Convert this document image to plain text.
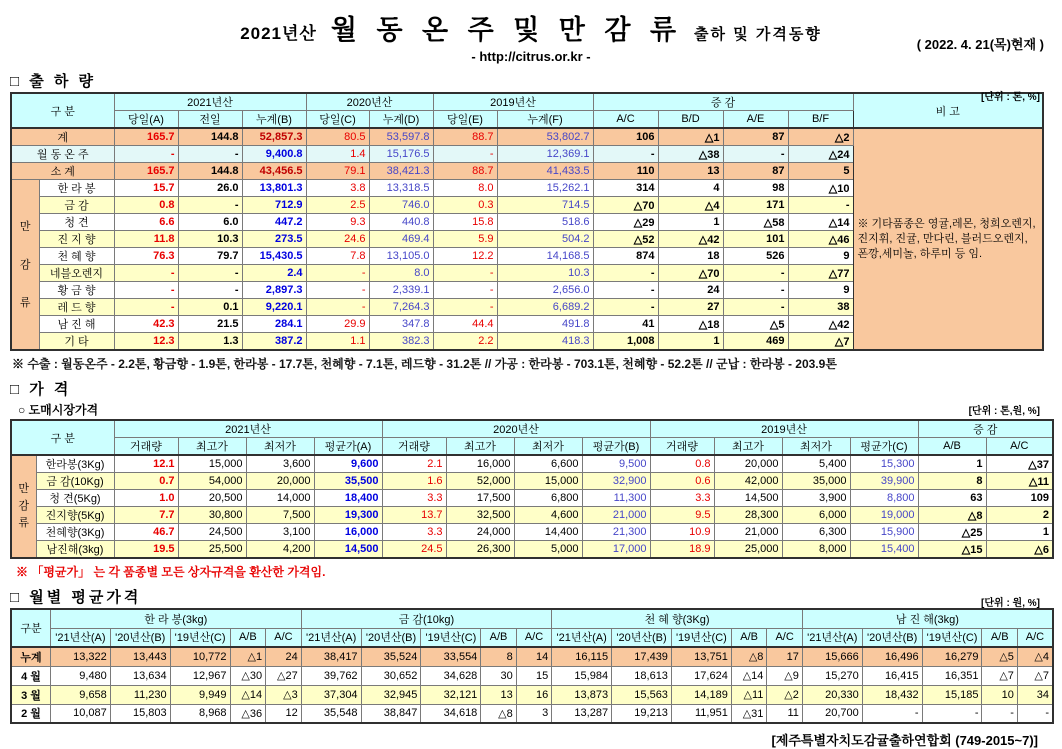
2021년산 월 동 온 주 및 만 감 류 출하 및 가격동향
- http://citrus.or.kr -
( 2022. 4. 21(목)현재 )
□ 출 하 량
[단위 : 톤, %]
구 분		2021년산			2020년산		2019년산		증 감				비 고
		당일(A)	전일	누계(B)	당일(C)	누계(D)	당일(E)	누계(F)	A/C	B/D	A/E	B/F	
계		165.7	144.8	52,857.3	80.5	53,597.8	88.7	53,802.7	106	△1	87	△2	※ 기타품종은 영귤,레몬, 청희오렌지, 진지휘, 진귤, 만다린, 블러드오렌지, 폰깡,세미놀, 하루미 등 임.
월 동 온 주		-	-	9,400.8	1.4	15,176.5	-	12,369.1	-	△38	-	△24	
소 계		165.7	144.8	43,456.5	79.1	38,421.3	88.7	41,433.5	110	13	87	5	

만
감
류	한 라 봉	15.7	26.0	13,801.3	3.8	13,318.5	8.0	15,262.1	314	4	98	△10	
	금 감	0.8	-	712.9	2.5	746.0	0.3	714.5	△70	△4	171	-	
	청 견	6.6	6.0	447.2	9.3	440.8	15.8	518.6	△29	1	△58	△14	
	진 지 향	11.8	10.3	273.5	24.6	469.4	5.9	504.2	△52	△42	101	△46	
	천 혜 향	76.3	79.7	15,430.5	7.8	13,105.0	12.2	14,168.5	874	18	526	9	
	네블오렌지	-	-	2.4	-	8.0	-	10.3	-	△70	-	△77	
	황 금 향	-	-	2,897.3	-	2,339.1	-	2,656.0	-	24	-	9	
	레 드 향	-	0.1	9,220.1	-	7,264.3	-	6,689.2	-	27	-	38	
	남 진 해	42.3	21.5	284.1	29.9	347.8	44.4	491.8	41	△18	△5	△42	
	기 타	12.3	1.3	387.2	1.1	382.3	2.2	418.3	1,008	1	469	△7	
※ 수출 : 월동온주 - 2.2톤, 황금향 - 1.9톤, 한라봉 - 17.7톤, 천혜향 - 7.1톤, 레드향 - 31.2톤 // 가공 : 한라봉 - 703.1톤, 천혜향 - 52.2톤 // 군납 : 한라봉 - 203.9톤
□ 가 격
○ 도매시장가격	[단위 : 톤,원, %]
구 분		2021년산				2020년산				2019년산				증 감	
		거래량	최고가	최저가	평균가(A)	거래량	최고가	최저가	평균가(B)	거래량	최고가	최저가	평균가(C)	A/B	A/C

만
감
류	한라봉(3Kg)	12.1	15,000	3,600	9,600	2.1	16,000	6,600	9,500	0.8	20,000	5,400	15,300	1	△37
	금 감(10Kg)	0.7	54,000	20,000	35,500	1.6	52,000	15,000	32,900	0.6	42,000	35,000	39,900	8	△11
	청 견(5Kg)	1.0	20,500	14,000	18,400	3.3	17,500	6,800	11,300	3.3	14,500	3,900	8,800	63	109
	진지향(5Kg)	7.7	30,800	7,500	19,300	13.7	32,500	4,600	21,000	9.5	28,300	6,000	19,000	△8	2
	천혜향(3Kg)	46.7	24,500	3,100	16,000	3.3	24,000	14,400	21,300	10.9	21,000	6,300	15,900	△25	1
	남진해(3kg)	19.5	25,500	4,200	14,500	24.5	26,300	5,000	17,000	18.9	25,000	8,000	15,400	△15	△6
※ 「평균가」 는 각 품종별 모든 상자규격을 환산한 가격임.
□ 월별 평균가격	[단위 : 원, %]
구분	한 라 봉(3kg)					금 감(10kg)					천 혜 향(3Kg)					남 진 해(3kg)				
	'21년산(A)	'20년산(B)	'19년산(C)	A/B	A/C	'21년산(A)	'20년산(B)	'19년산(C)	A/B	A/C	'21년산(A)	'20년산(B)	'19년산(C)	A/B	A/C	'21년산(A)	'20년산(B)	'19년산(C)	A/B	A/C
누계	13,322	13,443	10,772	△1	24	38,417	35,524	33,554	8	14	16,115	17,439	13,751	△8	17	15,666	16,496	16,279	△5	△4
4 월	9,480	13,634	12,967	△30	△27	39,762	30,652	34,628	30	15	15,984	18,613	17,624	△14	△9	15,270	16,415	16,351	△7	△7
3 월	9,658	11,230	9,949	△14	△3	37,304	32,945	32,121	13	16	13,873	15,563	14,189	△11	△2	20,330	18,432	15,185	10	34
2 월	10,087	15,803	8,968	△36	12	35,548	38,847	34,618	△8	3	13,287	19,213	11,951	△31	11	20,700	-	-	-	-
[제주특별자치도감귤출하연합회 (749-2015~7)]
